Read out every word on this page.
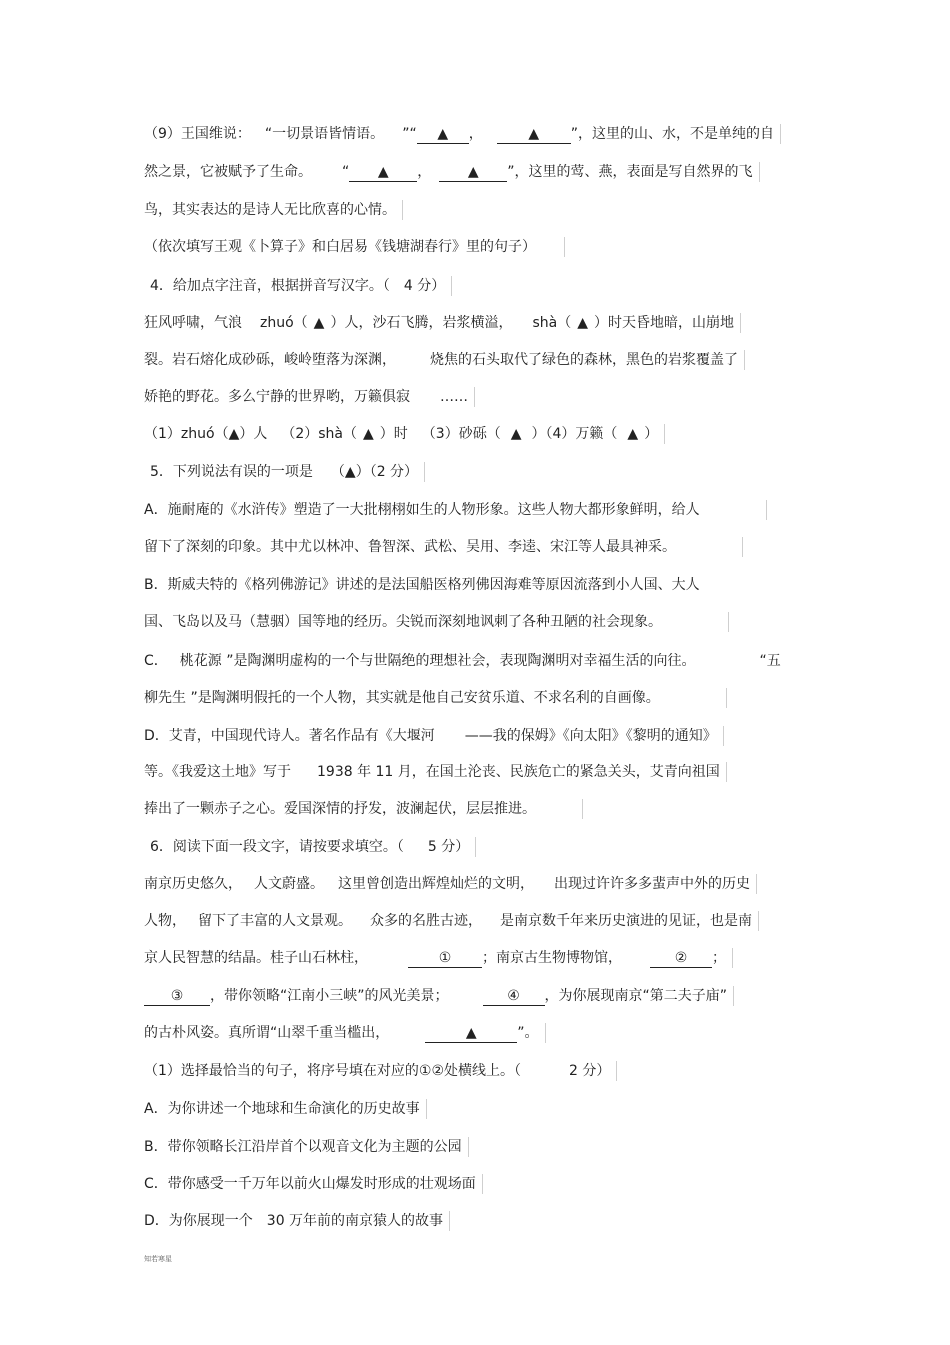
（9）王国维说： “一切景语皆情语。 ”“ ▲ ，	▲ ”，这里的山、水，不是单纯的自
然之景，它被赋予了生命。 “ ▲ ，	▲ ”，这里的莺、燕，表面是写自然界的飞
鸟，其实表达的是诗人无比欣喜的心情。
（依次填写王观《卜算子》和白居易《钱塘湖春行》里的句子）
4．给加点字注音，根据拼音写汉字。（ 4 分）
狂风呼啸，气浪 zhuó（ ▲ ）人，沙石飞腾，岩浆横溢， shà（ ▲ ）时天昏地暗，山崩地
裂。岩石熔化成砂砾，峻岭堕落为深渊， 烧焦的石头取代了绿色的森林，黑色的岩浆覆盖了
娇艳的野花。多么宁静的世界哟，万籁俱寂 ……
（1）zhuó（▲）人 （2）shà（ ▲ ）时 （3）砂砾（ ▲ ）（4）万籁（ ▲ ）
5．下列说法有误的一项是 （▲）（2 分）
A．施耐庵的《水浒传》塑造了一大批栩栩如生的人物形象。这些人物大都形象鲜明，给人
留下了深刻的印象。其中尤以林冲、鲁智深、武松、吴用、李逵、宋江等人最具神采。
B．斯威夫特的《格列佛游记》讲述的是法国船医格列佛因海难等原因流落到小人国、大人
国、飞岛以及马（慧骃）国等地的经历。尖锐而深刻地讽刺了各种丑陋的社会现象。
C． 桃花源 ”是陶渊明虚构的一个与世隔绝的理想社会，表现陶渊明对幸福生活的向往。	“五
柳先生 ”是陶渊明假托的一个人物，其实就是他自己安贫乐道、不求名利的自画像。
D．艾青，中国现代诗人。著名作品有《大堰河 ——我的保姆》《向太阳》《黎明的通知》
等。《我爱这土地》写于 1938 年 11 月，在国土沦丧、民族危亡的紧急关头，艾青向祖国
捧出了一颗赤子之心。爱国深情的抒发，波澜起伏，层层推进。
6．阅读下面一段文字，请按要求填空。（ 5 分）
南京历史悠久， 人文蔚盛。 这里曾创造出辉煌灿烂的文明， 出现过许许多多蜚声中外的历史
人物， 留下了丰富的人文景观。 众多的名胜古迹， 是南京数千年来历史演进的见证，也是南
京人民智慧的结晶。桂子山石林柱，	① ；南京古生物博物馆，	② ；
③ ，带你领略“江南小三峡”的风光美景；	④ ，为你展现南京“第二夫子庙”
的古朴风姿。真所谓“山翠千重当槛出，	▲	”。
（1）选择最恰当的句子，将序号填在对应的①②处横线上。（	2 分）
A．为你讲述一个地球和生命演化的历史故事
B．带你领略长江沿岸首个以观音文化为主题的公园
C．带你感受一千万年以前火山爆发时形成的壮观场面
D．为你展现一个 30 万年前的南京猿人的故事
知若寒星
